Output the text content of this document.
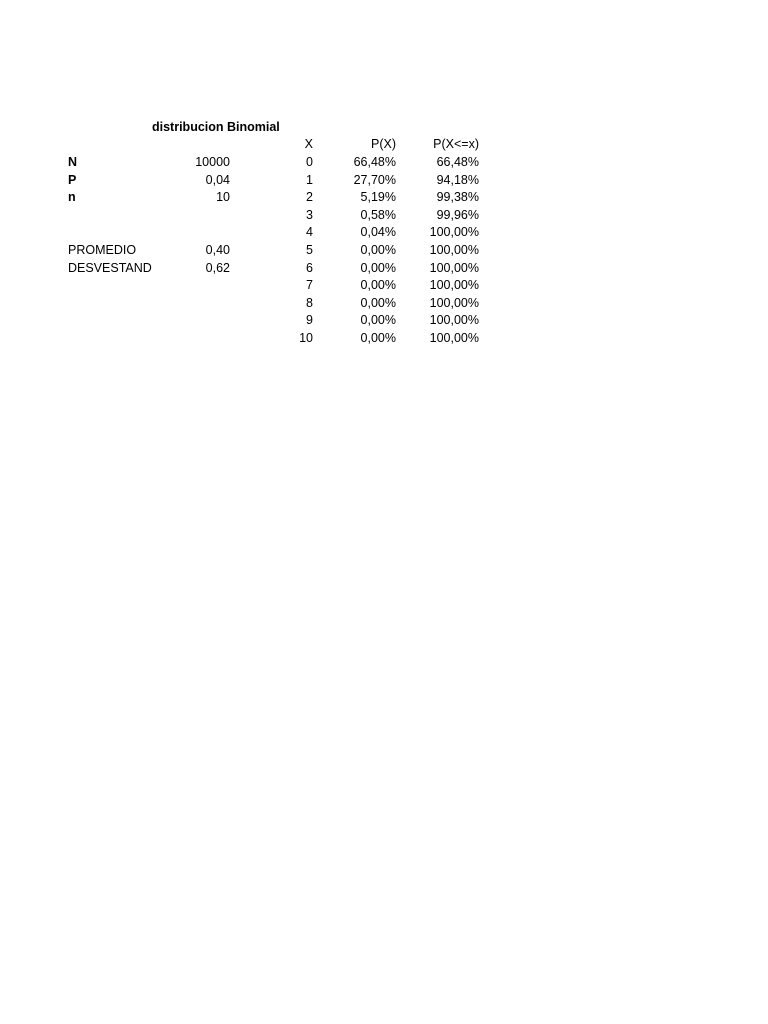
distribucion Binomial
N	10000
P	0,04
n	10
PROMEDIO	0,40
DESVESTAND	0,62
X	P(X)	P(X<=x)
0	66,48%	66,48%
1	27,70%	94,18%
2	5,19%	99,38%
3	0,58%	99,96%
4	0,04%	100,00%
5	0,00%	100,00%
6	0,00%	100,00%
7	0,00%	100,00%
8	0,00%	100,00%
9	0,00%	100,00%
10	0,00%	100,00%
